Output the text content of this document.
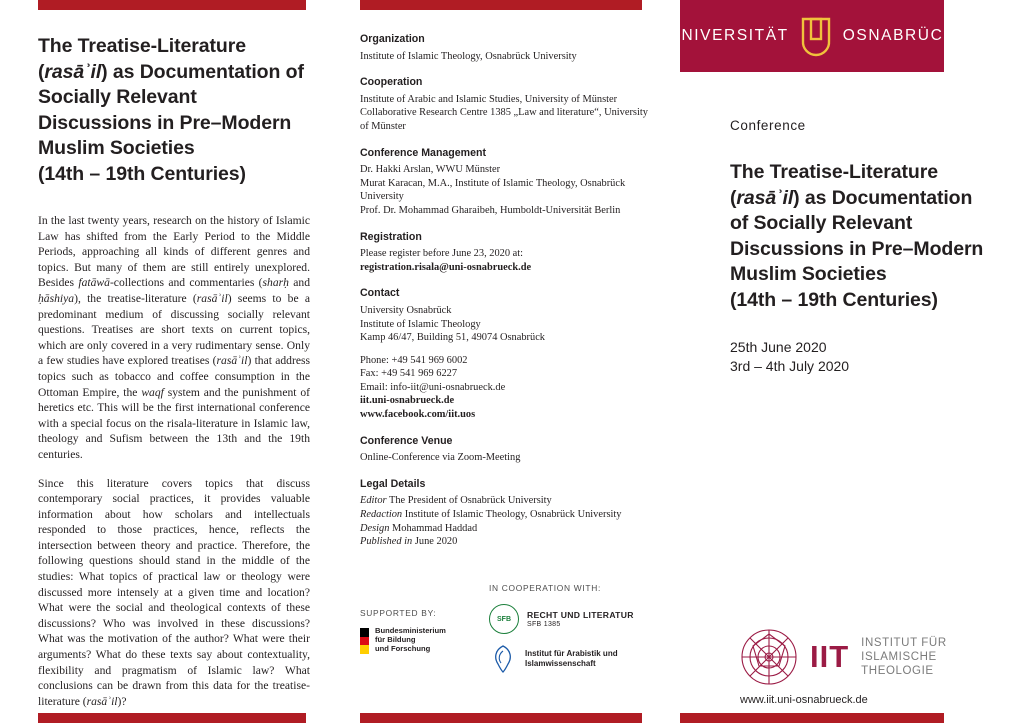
The Treatise-Literature
(rasāʾil) as Documentation of
Socially Relevant
Discussions in Pre–Modern
Muslim Societies
(14th – 19th Centuries)

In the last twenty years, research on the history of Islamic Law has shifted from the Early Period to the Middle Periods, approaching all kinds of different genres and topics. But many of them are still entirely unexplored. Besides fatāwā-collections and commentaries (sharḥ and ḥāshiya), the treatise-literature (rasāʾil) seems to be a predominant medium of discussing socially relevant questions. Treatises are short texts on current topics, which are only covered in a very rudimentary sense. Only a few studies have explored treatises (rasāʾil) that address topics such as tobacco and coffee consumption in the Ottoman Empire, the waqf system and the punishment of heretics etc. This will be the first international conference with a special focus on the risala-literature in Islamic law, theology and Sufism between the 13th and the 19th centuries.

Since this literature covers topics that discuss contemporary social practices, it provides valuable information about how scholars and intellectuals responded to those practices, hence, reflects the intersection between theory and practice. Therefore, the following questions should stand in the middle of the studies: What topics of practical law or theology were discussed more intensely at a given time and location? What were the social and theological contexts of these discussions? Who was involved in these discussions? What was the motivation of the author? What were their arguments? What do these texts say about contextuality, flexibility and pragmatism of Islamic law? What conclusions can be drawn from this data for the treatise-literature (rasāʾil)?

Organization

Institute of Islamic Theology, Osnabrück University

Cooperation

Institute of Arabic and Islamic Studies, University of Münster

Collaborative Research Centre 1385 „Law and literature“, University of Münster

Conference Management

Dr. Hakki Arslan, WWU Münster

Murat Karacan, M.A., Institute of Islamic Theology, Osnabrück University

Prof. Dr. Mohammad Gharaibeh, Humboldt-Universität Berlin

Registration

Please register before June 23, 2020 at:

registration.risala@uni-osnabrueck.de

Contact

University Osnabrück

Institute of Islamic Theology

Kamp 46/47, Building 51, 49074 Osnabrück

Phone: +49 541 969 6002

Fax: +49 541 969 6227

Email: info-iit@uni-osnabrueck.de

iit.uni-osnabrueck.de

www.facebook.com/iit.uos

Conference Venue

Online-Conference via Zoom-Meeting

Legal Details

Editor The President of Osnabrück University

Redaction Institute of Islamic Theology, Osnabrück University

Design Mohammad Haddad

Published in June 2020

UNIVERSITÄT	OSNABRÜCK
Conference
The Treatise-Literature
(rasāʾil) as Documentation
of Socially Relevant
Discussions in Pre–Modern
Muslim Societies
(14th – 19th Centuries)
25th June 2020
3rd – 4th July 2020
SUPPORTED BY:
IN COOPERATION WITH:
Bundesministerium
für Bildung
und Forschung
SFB	RECHT UND LITERATUR
SFB 1385
Institut für Arabistik und
Islamwissenschaft	IIT INSTITUT FÜR
ISLAMISCHE
THEOLOGIE
www.iit.uni-osnabrueck.de
